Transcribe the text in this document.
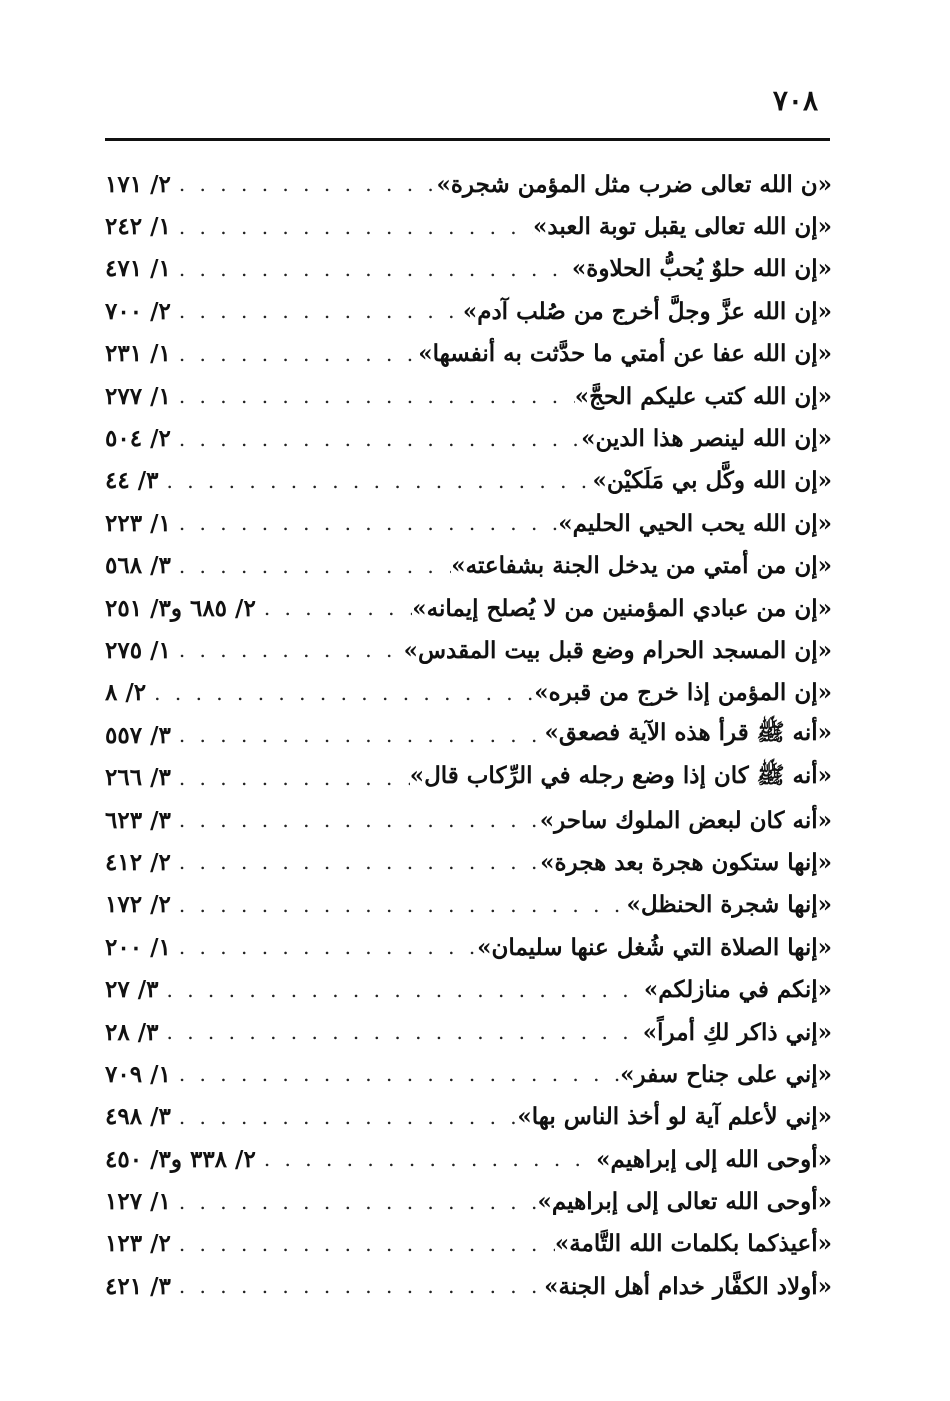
٧٠٨
«ن الله تعالى ضرب مثل المؤمن شجرة»
. . .
٢/ ١٧١
«إن الله تعالى يقبل توبة العبد»
. . .
١/ ٢٤٢
«إن الله حلوٌ يُحبُّ الحلاوة»
. . .
١/ ٤٧١
«إن الله عزَّ وجلَّ أخرج من صُلب آدم»
. . .
٢/ ٧٠٠
«إن الله عفا عن أمتي ما حدَّثت به أنفسها»
. . .
١/ ٢٣١
«إن الله كتب عليكم الحجَّ»
. . .
١/ ٢٧٧
«إن الله لينصر هذا الدين»
. . .
٢/ ٥٠٤
«إن الله وكَّل بي مَلَكيْن»
. . .
٣/ ٤٤
«إن الله يحب الحيي الحليم»
. . .
١/ ٢٢٣
«إن من أمتي من يدخل الجنة بشفاعته»
. . .
٣/ ٥٦٨
«إن من عبادي المؤمنين من لا يُصلح إيمانه»
. . .
٢/ ٦٨٥ و٣/ ٢٥١
«إن المسجد الحرام وضع قبل بيت المقدس»
. . .
١/ ٢٧٥
«إن المؤمن إذا خرج من قبره»
. . .
٢/ ٨
«أنه ﷺ قرأ هذه الآية فصعق»
. . .
٣/ ٥٥٧
«أنه ﷺ كان إذا وضع رجله في الرِّكاب قال»
. . .
٣/ ٢٦٦
«أنه كان لبعض الملوك ساحر»
. . .
٣/ ٦٢٣
«إنها ستكون هجرة بعد هجرة»
. . .
٢/ ٤١٢
«إنها شجرة الحنظل»
. . .
٢/ ١٧٢
«إنها الصلاة التي شُغل عنها سليمان»
. . .
١/ ٢٠٠
«إنكم في منازلكم»
. . .
٣/ ٢٧
«إني ذاكر لكِ أمراً»
. . .
٣/ ٢٨
«إني على جناح سفر»
. . .
١/ ٧٠٩
«إني لأعلم آية لو أخذ الناس بها»
. . .
٣/ ٤٩٨
«أوحى الله إلى إبراهيم»
. . .
٢/ ٣٣٨ و٣/ ٤٥٠
«أوحى الله تعالى إلى إبراهيم»
. . .
١/ ١٢٧
«أعيذكما بكلمات الله التَّامة»
. . .
٢/ ١٢٣
«أولاد الكفَّار خدام أهل الجنة»
. . .
٣/ ٤٢١
